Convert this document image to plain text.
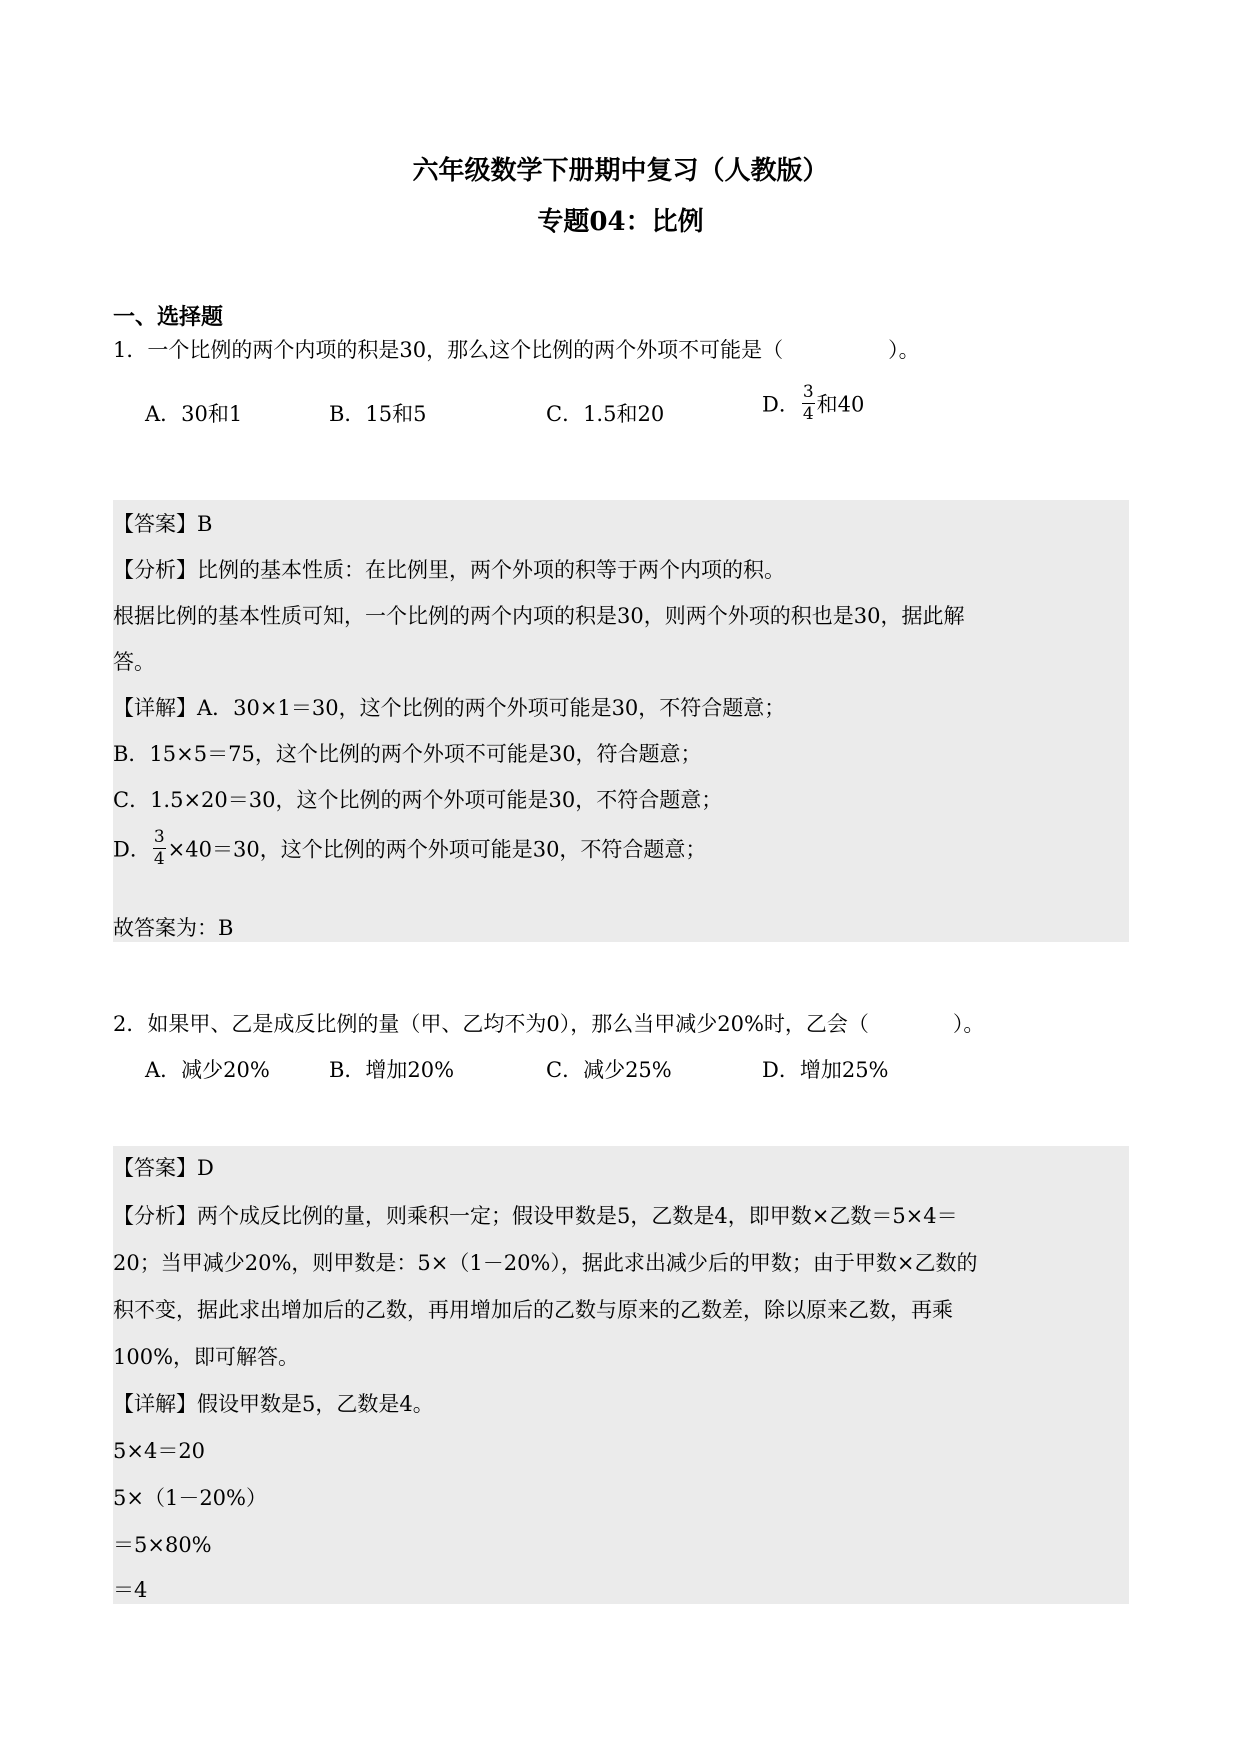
六年级数学下册期中复习（人教版）
专题04：比例
一、选择题
1．一个比例的两个内项的积是30，那么这个比例的两个外项不可能是（　　　　　）。
A．30和1	B．15和5	C．1.5和20	D． $\frac{3}{4}$ 和40
【答案】B
【分析】比例的基本性质：在比例里，两个外项的积等于两个内项的积。
根据比例的基本性质可知，一个比例的两个内项的积是30，则两个外项的积也是30，据此解
答。
【详解】A．30×1＝30，这个比例的两个外项可能是30，不符合题意；
B．15×5＝75，这个比例的两个外项不可能是30，符合题意；
C．1.5×20＝30，这个比例的两个外项可能是30，不符合题意；
D． $\frac{3}{4} \times 40=30$，这个比例的两个外项可能是30，不符合题意；
故答案为：B
2．如果甲、乙是成反比例的量（甲、乙均不为0），那么当甲减少20%时，乙会（　　　　）。
A．减少20%	B．增加20%	C．减少25%	D．增加25%
【答案】D
【分析】两个成反比例的量，则乘积一定；假设甲数是5，乙数是4，即甲数×乙数＝5×4＝
20；当甲减少20%，则甲数是：5×（1－20%），据此求出减少后的甲数；由于甲数×乙数的
积不变，据此求出增加后的乙数，再用增加后的乙数与原来的乙数差，除以原来乙数，再乘
100%，即可解答。
【详解】假设甲数是5，乙数是4。
5×4＝20
5×（1－20%）
＝5×80%
＝4
